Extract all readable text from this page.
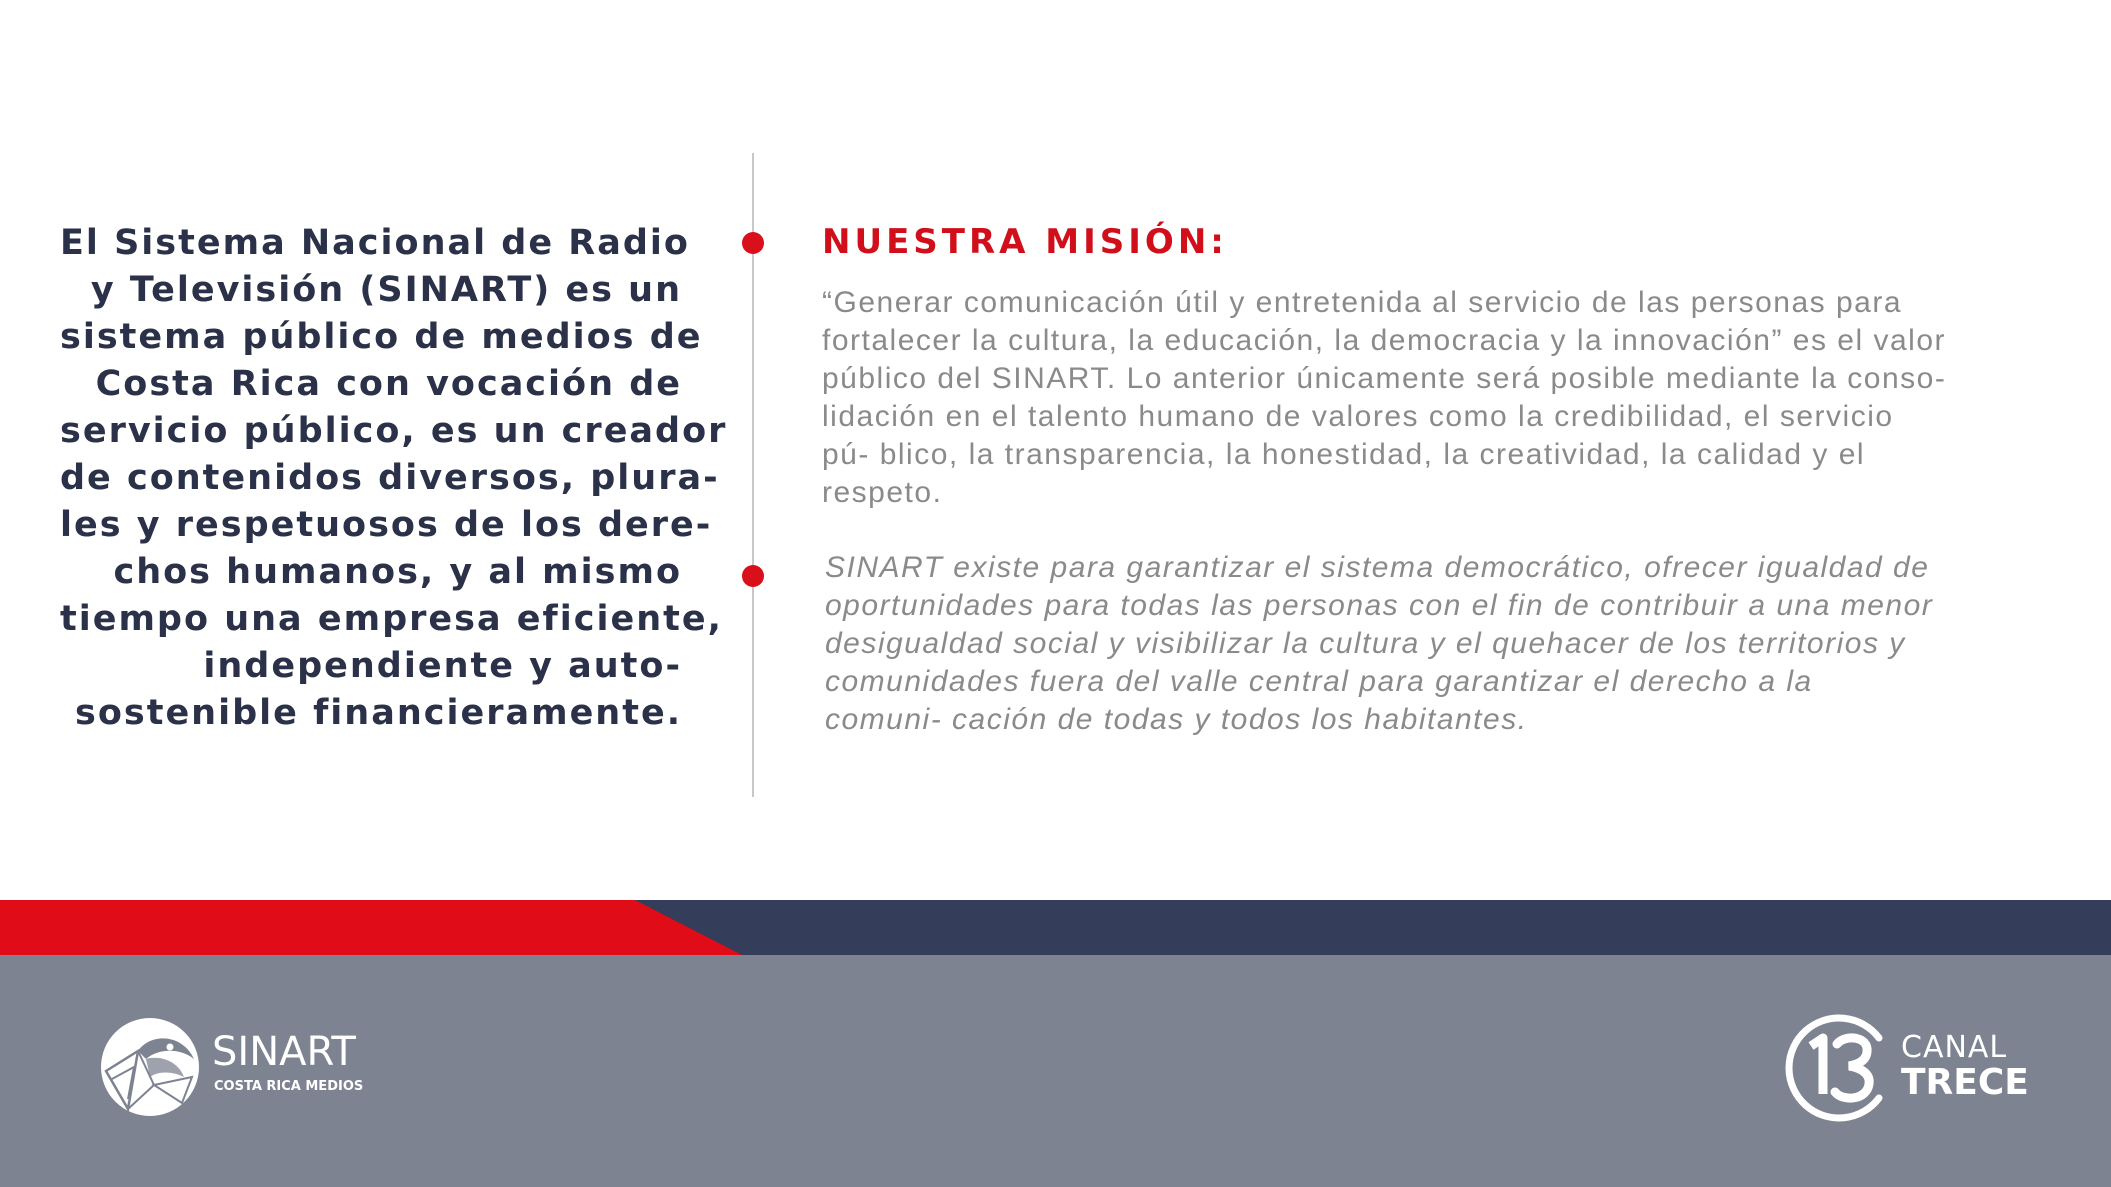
El Sistema Nacional de Radio
y Televisión (SINART) es un
sistema público de medios de
Costa Rica con vocación de
servicio público, es un creador
de contenidos diversos, plura-
les y respetuosos de los dere-
chos humanos, y al mismo
tiempo una empresa eficiente,
independiente y auto-
sostenible financieramente.
NUESTRA MISIÓN:
“Generar comunicación útil y entretenida al servicio de las personas para
fortalecer la cultura, la educación, la democracia y la innovación” es el valor
público del SINART. Lo anterior únicamente será posible mediante la conso-
lidación en el talento humano de valores como la credibilidad, el servicio
pú- blico, la transparencia, la honestidad, la creatividad, la calidad y el
respeto.
SINART existe para garantizar el sistema democrático, ofrecer igualdad de
oportunidades para todas las personas con el fin de contribuir a una menor
desigualdad social y visibilizar la cultura y el quehacer de los territorios y
comunidades fuera del valle central para garantizar el derecho a la
comuni- cación de todas y todos los habitantes.
SINART
COSTA RICA MEDIOS
CANAL
TRECE
